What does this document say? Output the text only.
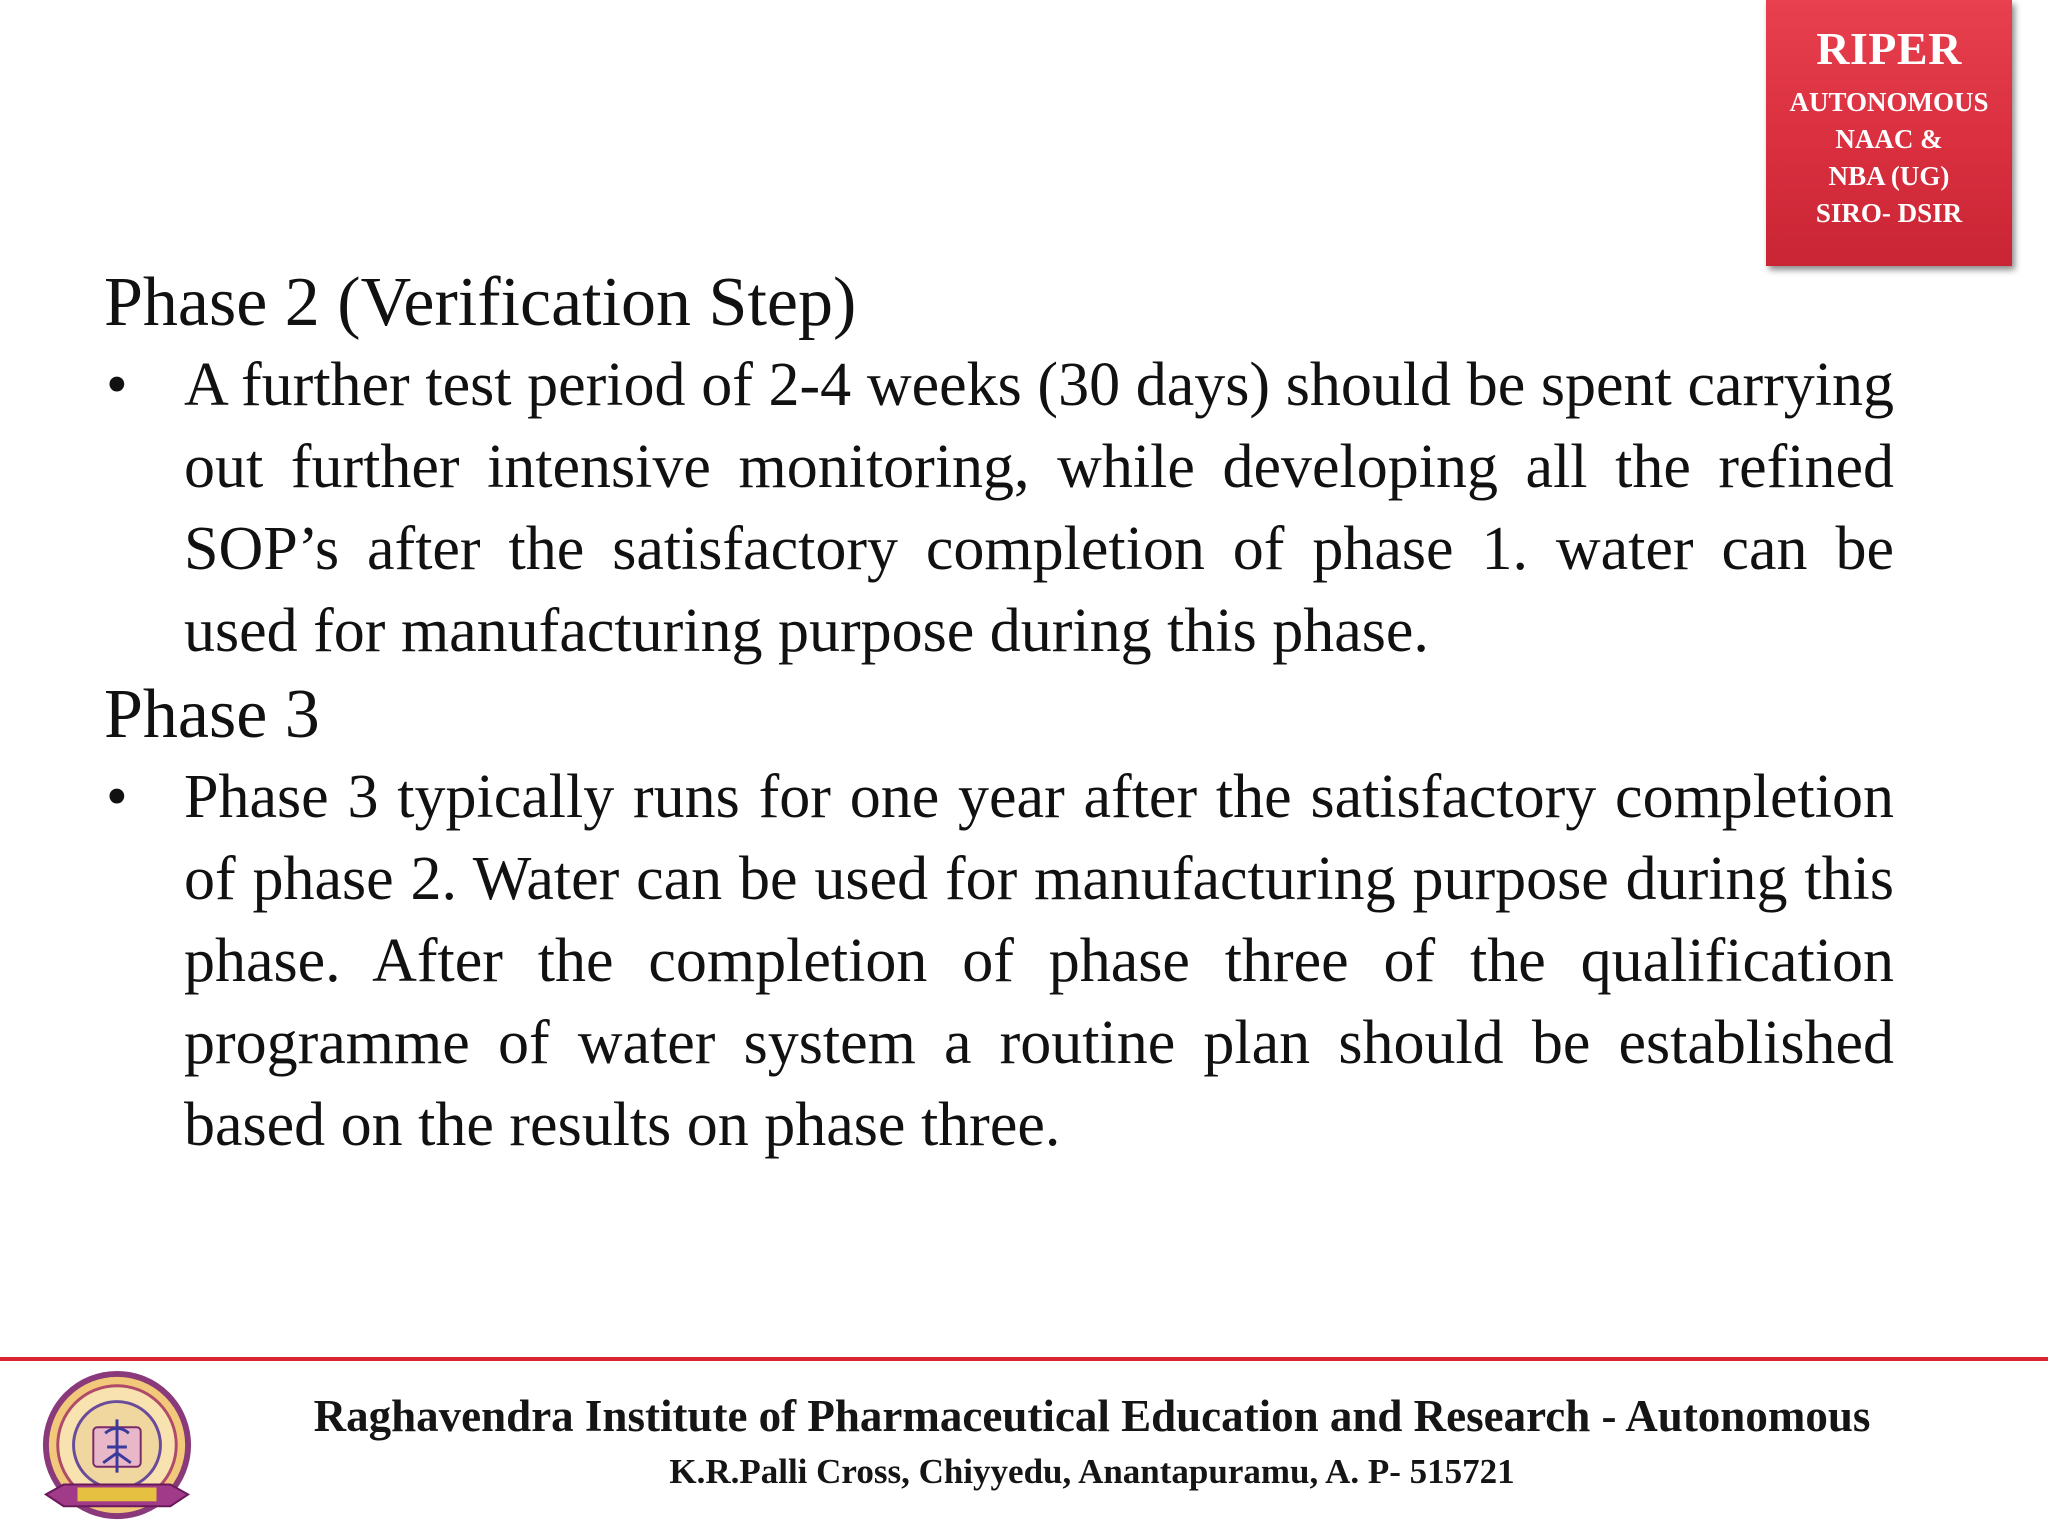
RIPER
AUTONOMOUS
NAAC &
NBA (UG)
SIRO- DSIR
Phase 2 (Verification Step)
• A further test period of 2-4 weeks (30 days) should be spent carrying out further intensive monitoring, while developing all the refined SOP’s after the satisfactory completion of phase 1. water can be used for manufacturing purpose during this phase.

Phase 3
• Phase 3 typically runs for one year after the satisfactory completion of phase 2. Water can be used for manufacturing purpose during this phase. After the completion of phase three of the qualification programme of water system a routine plan should be established based on the results on phase three.

Raghavendra Institute of Pharmaceutical Education and Research - Autonomous
K.R.Palli Cross, Chiyyedu, Anantapuramu, A. P- 515721
